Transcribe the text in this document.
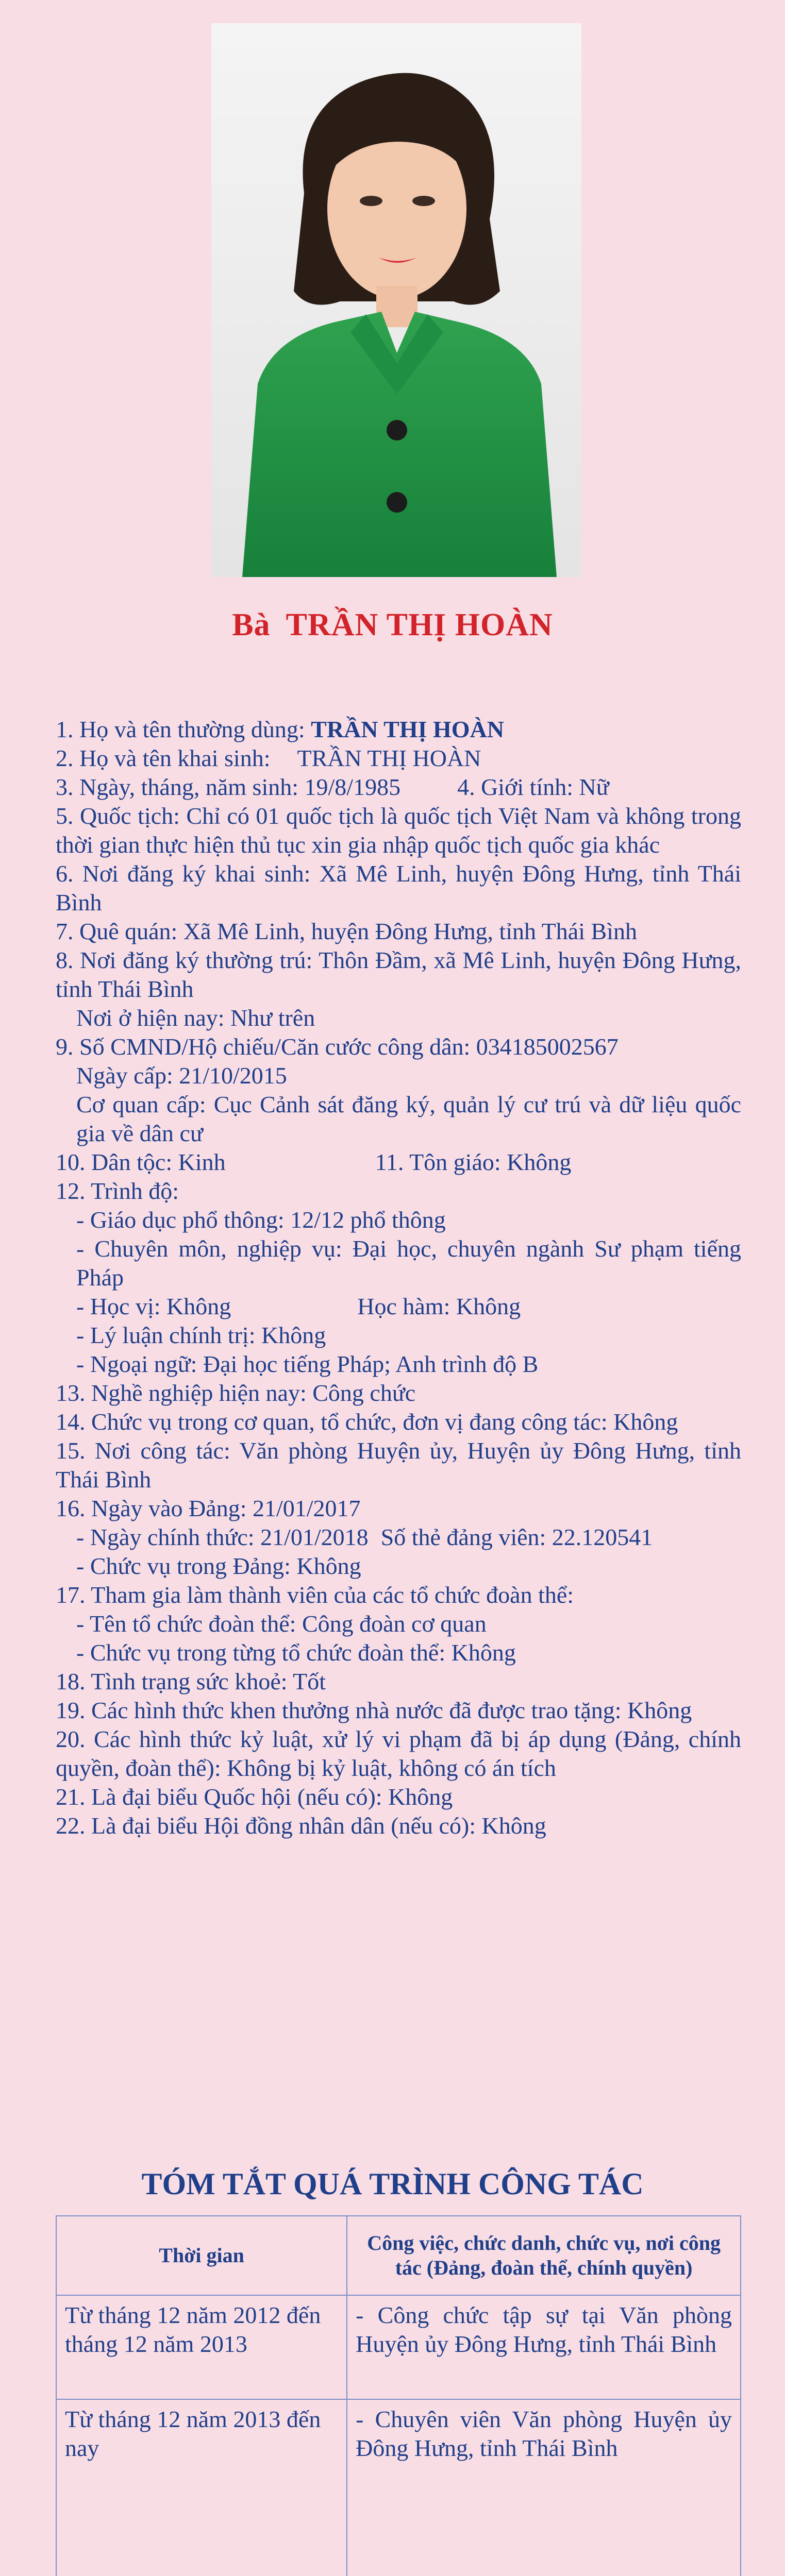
Bà TRẦN THỊ HOÀN
1. Họ và tên thường dùng: TRẦN THỊ HOÀN
2. Họ và tên khai sinh: TRẦN THỊ HOÀN
3. Ngày, tháng, năm sinh: 19/8/1985 4. Giới tính: Nữ
5. Quốc tịch: Chỉ có 01 quốc tịch là quốc tịch Việt Nam và không trong thời gian thực hiện thủ tục xin gia nhập quốc tịch quốc gia khác
6. Nơi đăng ký khai sinh: Xã Mê Linh, huyện Đông Hưng, tỉnh Thái Bình
7. Quê quán: Xã Mê Linh, huyện Đông Hưng, tỉnh Thái Bình
8. Nơi đăng ký thường trú: Thôn Đầm, xã Mê Linh, huyện Đông Hưng, tỉnh Thái Bình
Nơi ở hiện nay: Như trên
9. Số CMND/Hộ chiếu/Căn cước công dân: 034185002567
Ngày cấp: 21/10/2015
Cơ quan cấp: Cục Cảnh sát đăng ký, quản lý cư trú và dữ liệu quốc gia về dân cư
10. Dân tộc: Kinh	11. Tôn giáo: Không
12. Trình độ:
- Giáo dục phổ thông: 12/12 phổ thông
- Chuyên môn, nghiệp vụ: Đại học, chuyên ngành Sư phạm tiếng Pháp
- Học vị: Không	Học hàm: Không
- Lý luận chính trị: Không
- Ngoại ngữ: Đại học tiếng Pháp; Anh trình độ B
13. Nghề nghiệp hiện nay: Công chức
14. Chức vụ trong cơ quan, tổ chức, đơn vị đang công tác: Không
15. Nơi công tác: Văn phòng Huyện ủy, Huyện ủy Đông Hưng, tỉnh Thái Bình
16. Ngày vào Đảng: 21/01/2017
- Ngày chính thức: 21/01/2018 Số thẻ đảng viên: 22.120541
- Chức vụ trong Đảng: Không
17. Tham gia làm thành viên của các tổ chức đoàn thể:
- Tên tổ chức đoàn thể: Công đoàn cơ quan
- Chức vụ trong từng tổ chức đoàn thể: Không
18. Tình trạng sức khoẻ: Tốt
19. Các hình thức khen thưởng nhà nước đã được trao tặng: Không
20. Các hình thức kỷ luật, xử lý vi phạm đã bị áp dụng (Đảng, chính quyền, đoàn thể): Không bị kỷ luật, không có án tích
21. Là đại biểu Quốc hội (nếu có): Không
22. Là đại biểu Hội đồng nhân dân (nếu có): Không
TÓM TẮT QUÁ TRÌNH CÔNG TÁC
Thời gian	Công việc, chức danh, chức vụ, nơi công tác (Đảng, đoàn thể, chính quyền)
Từ tháng 12 năm 2012 đến tháng 12 năm 2013	- Công chức tập sự tại Văn phòng Huyện ủy Đông Hưng, tỉnh Thái Bình
Từ tháng 12 năm 2013 đến nay	- Chuyên viên Văn phòng Huyện ủy Đông Hưng, tỉnh Thái Bình
